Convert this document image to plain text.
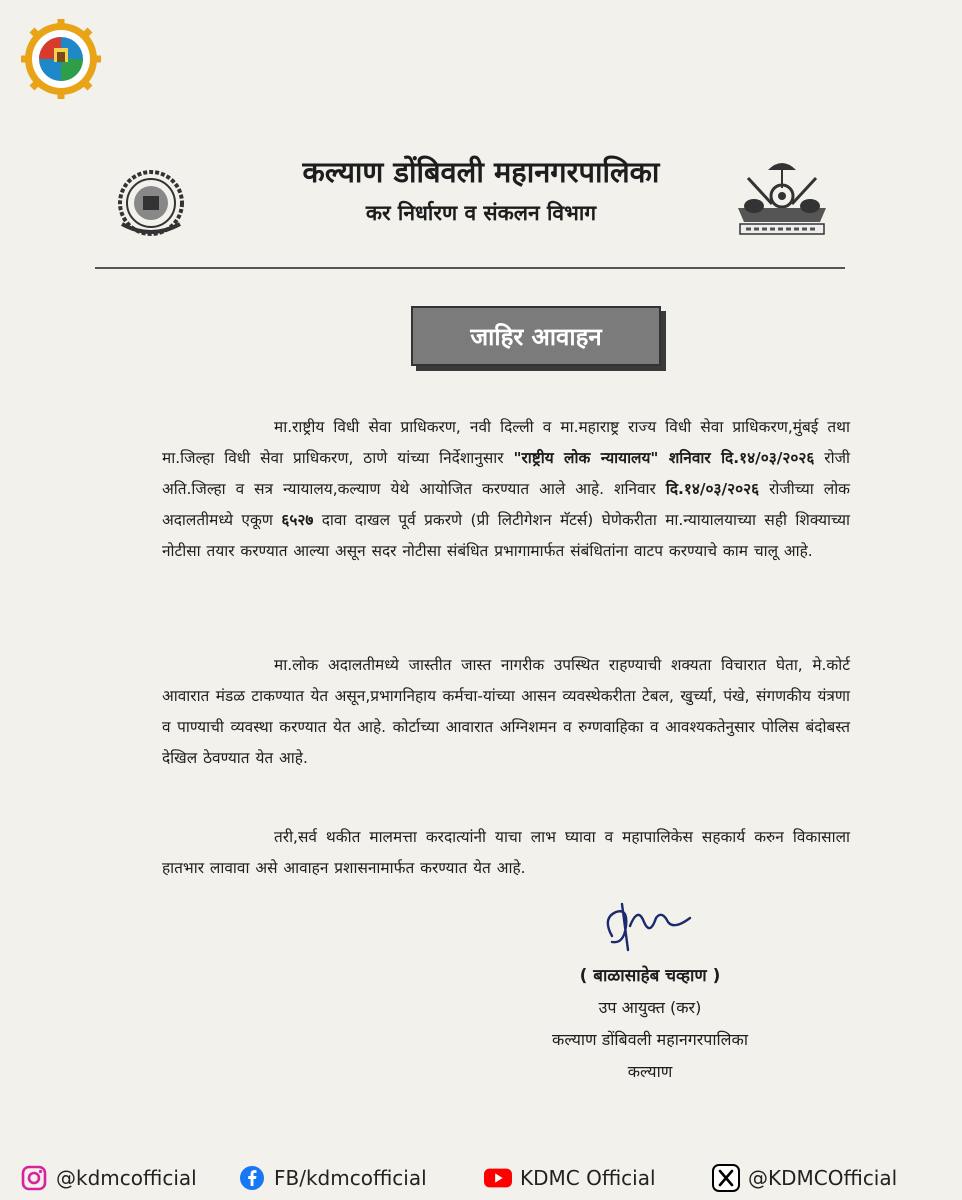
कल्याण डोंबिवली महानगरपालिका
कर निर्धारण व संकलन विभाग
जाहिर आवाहन

मा.राष्ट्रीय विधी सेवा प्राधिकरण, नवी दिल्ली व मा.महाराष्ट्र राज्य विधी सेवा प्राधिकरण,मुंबई तथा मा.जिल्हा विधी सेवा प्राधिकरण, ठाणे यांच्या निर्देशानुसार "राष्ट्रीय लोक न्यायालय" शनिवार दि.१४/०३/२०२६ रोजी अति.जिल्हा व सत्र न्यायालय,कल्याण येथे आयोजित करण्यात आले आहे. शनिवार दि.१४/०३/२०२६ रोजीच्या लोक अदालतीमध्ये एकूण ६५२७ दावा दाखल पूर्व प्रकरणे (प्री लिटीगेशन मॅटर्स) घेणेकरीता मा.न्यायालयाच्या सही शिक्याच्या नोटीसा तयार करण्यात आल्या असून सदर नोटीसा संबंधित प्रभागामार्फत संबंधितांना वाटप करण्याचे काम चालू आहे.

मा.लोक अदालतीमध्ये जास्तीत जास्त नागरीक उपस्थित राहण्याची शक्यता विचारात घेता, मे.कोर्ट आवारात मंडळ टाकण्यात येत असून,प्रभागनिहाय कर्मचा-यांच्या आसन व्यवस्थेकरीता टेबल, खुर्च्या, पंखे, संगणकीय यंत्रणा व पाण्याची व्यवस्था करण्यात येत आहे. कोर्टाच्या आवारात अग्निशमन व रुग्णवाहिका व आवश्यकतेनुसार पोलिस बंदोबस्त देखिल ठेवण्यात येत आहे.

तरी,सर्व थकीत मालमत्ता करदात्यांनी याचा लाभ घ्यावा व महापालिकेस सहकार्य करुन विकासाला हातभार लावावा असे आवाहन प्रशासनामार्फत करण्यात येत आहे.

( बाळासाहेब चव्हाण )
उप आयुक्त (कर)
कल्याण डोंबिवली महानगरपालिका
कल्याण
@kdmcofficial	FB/kdmcofficial	KDMC Official	@KDMCOfficial
